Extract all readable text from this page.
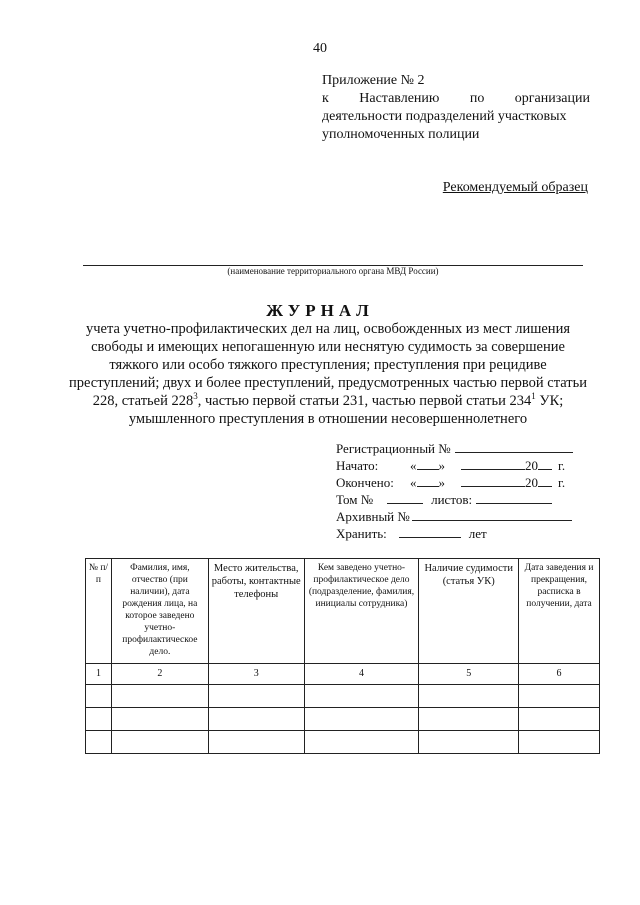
40
Приложение № 2
к Наставлению по организации
деятельности подразделений участковых
уполномоченных полиции
Рекомендуемый образец
(наименование территориального органа МВД России)
ЖУРНАЛ
учета учетно-профилактических дел на лиц, освобожденных из мест лишения свободы и имеющих непогашенную или неснятую судимость за совершение тяжкого или особо тяжкого преступления; преступления при рецидиве преступлений; двух и более преступлений, предусмотренных частью первой статьи 228, статьей $228^3$, частью первой статьи 231, частью первой статьи $234^1$ УК; умышленного преступления в отношении несовершеннолетнего
Регистрационный №
Начато:	« »	20 г.
Окончено:	« »	20 г.
Том №	листов:
Архивный №
Хранить:	лет
№ п/п	Фамилия, имя, отчество (при наличии), дата рождения лица, на которое заведено учетно-профилактическое дело.	Место жительства, работы, контактные телефоны	Кем заведено учетно-профилактическое дело (подразделение, фамилия, инициалы сотрудника)	Наличие судимости (статья УК)	Дата заведения и прекращения, расписка в получении, дата
1	2	3	4	5	6
